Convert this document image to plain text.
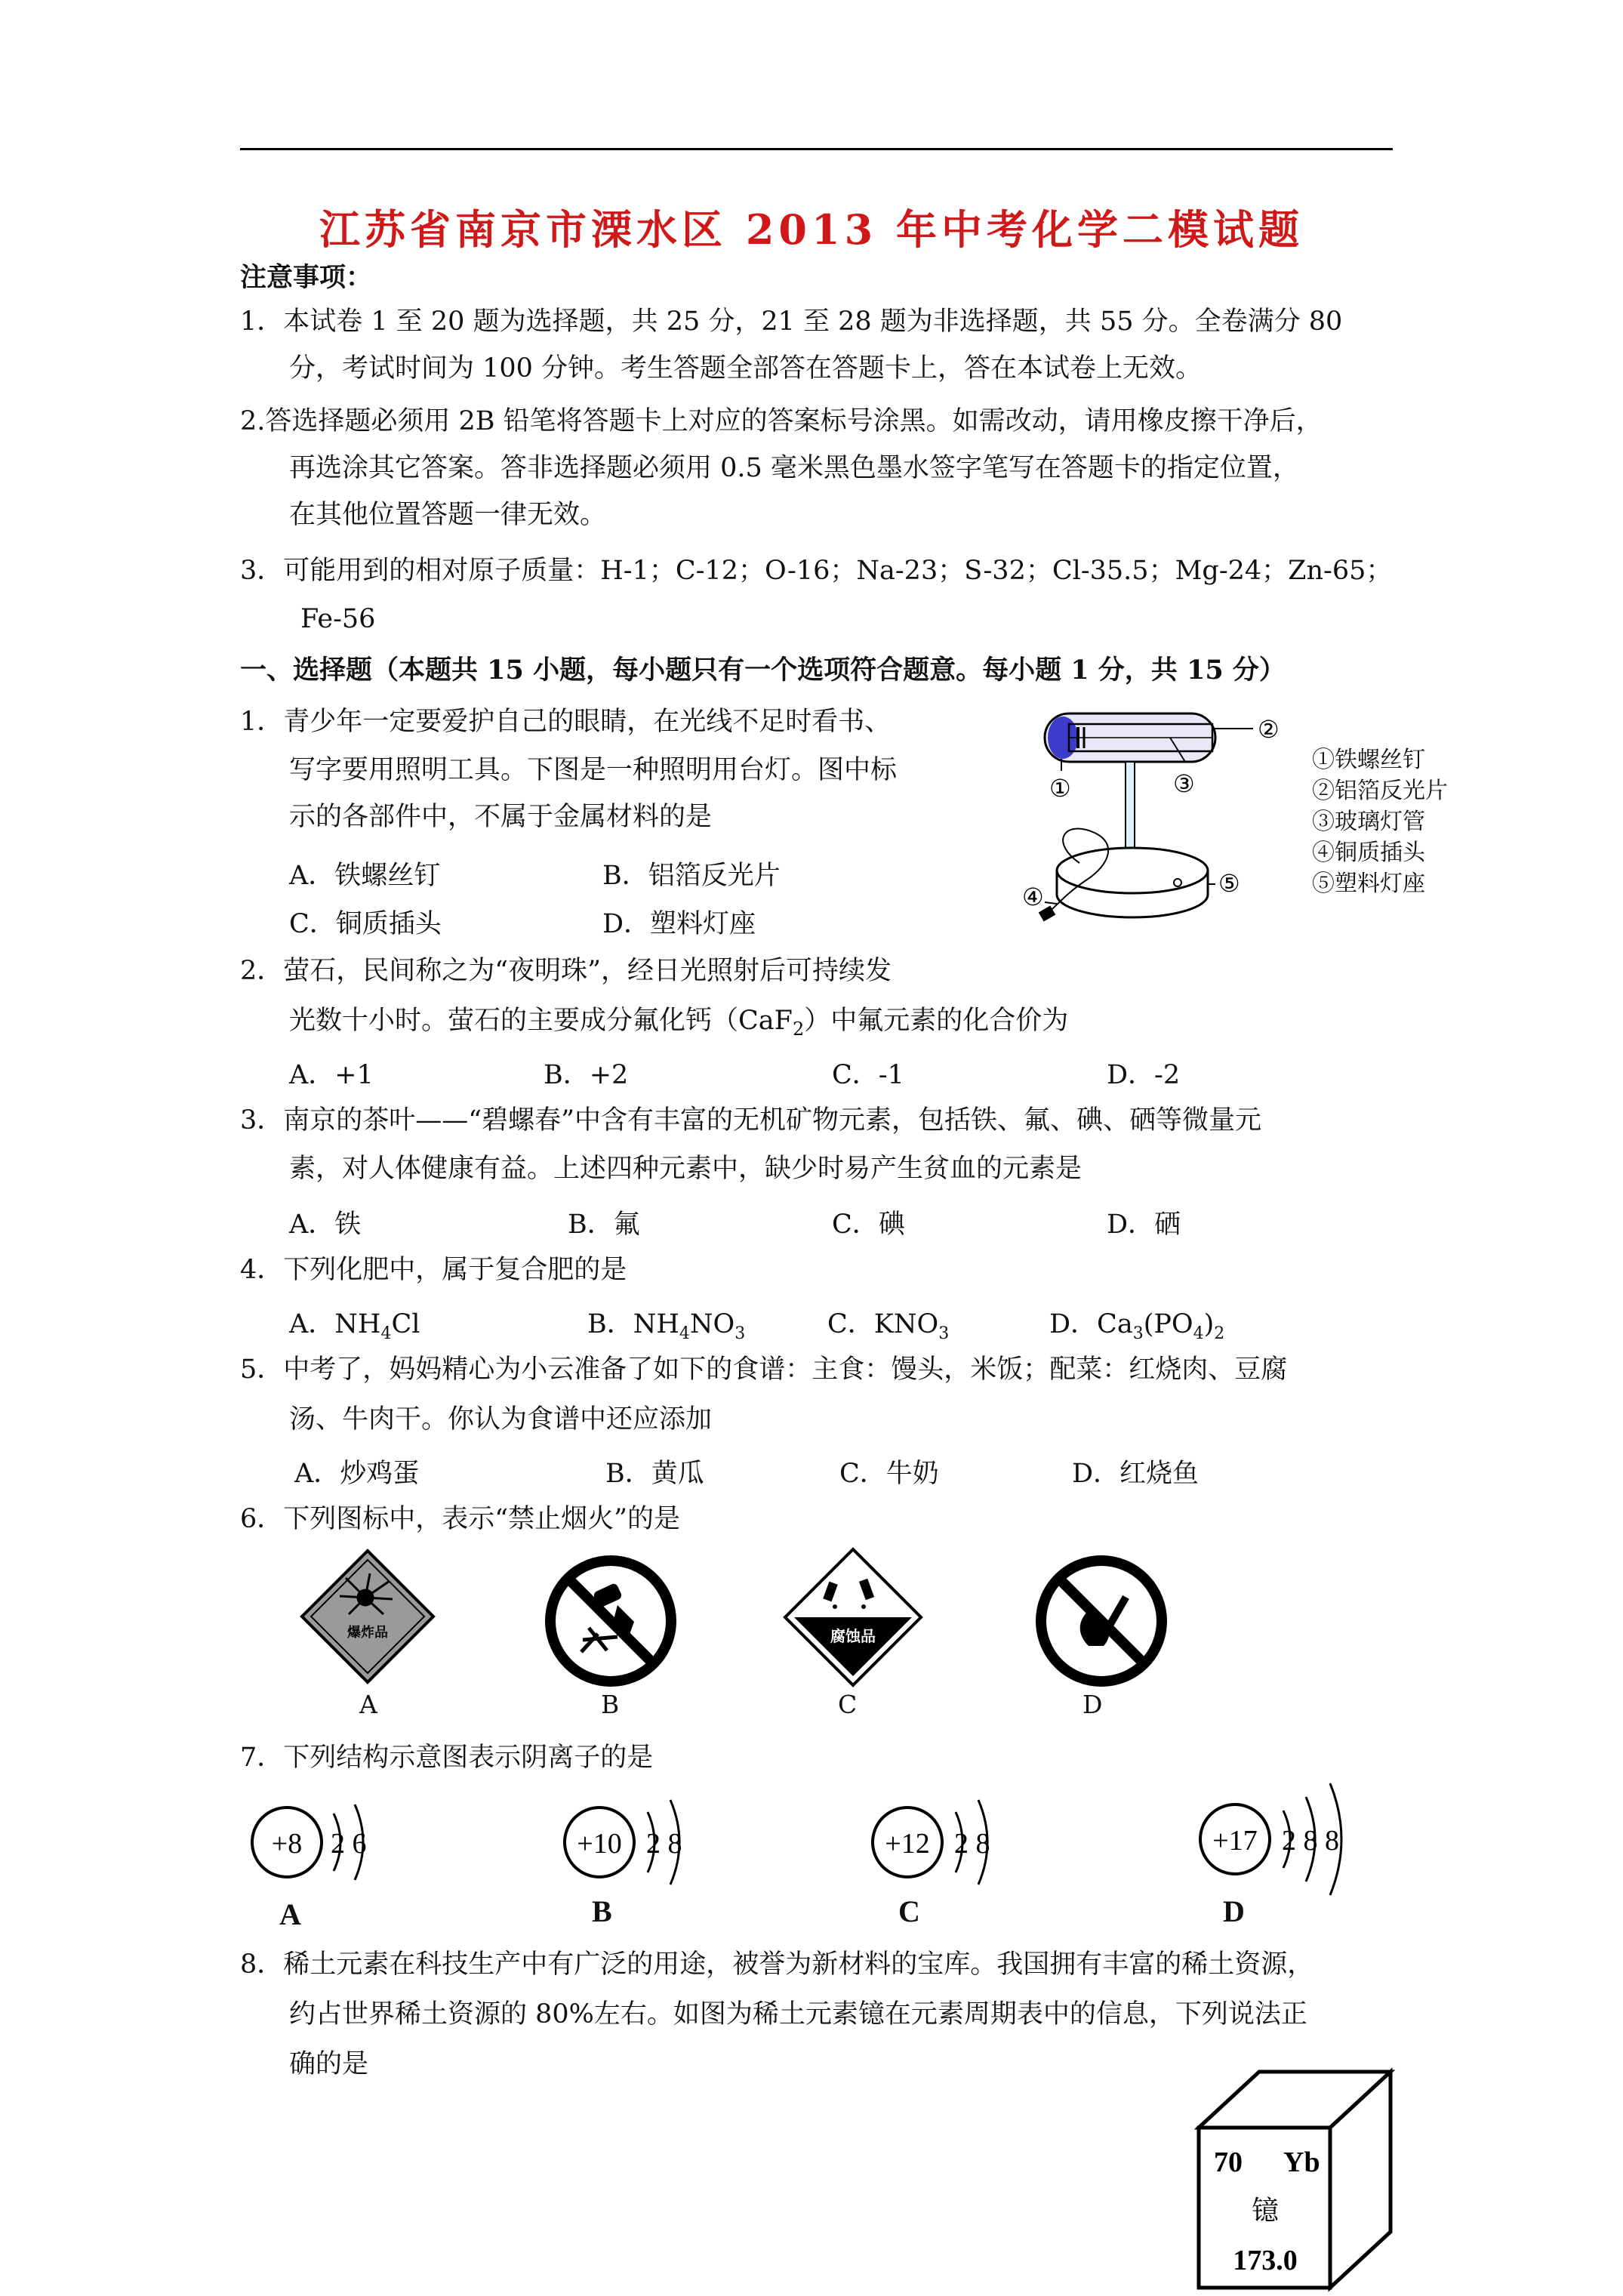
江苏省南京市溧水区 2013 年中考化学二模试题
注意事项：
1．本试卷 1 至 20 题为选择题，共 25 分，21 至 28 题为非选择题，共 55 分。全卷满分 80
分，考试时间为 100 分钟。考生答题全部答在答题卡上，答在本试卷上无效。
2.答选择题必须用 2B 铅笔将答题卡上对应的答案标号涂黑。如需改动，请用橡皮擦干净后，
再选涂其它答案。答非选择题必须用 0.5 毫米黑色墨水签字笔写在答题卡的指定位置，
在其他位置答题一律无效。
3．可能用到的相对原子质量：H-1；C-12；O-16；Na-23；S-32；Cl-35.5；Mg-24；Zn-65；
Fe-56
一、选择题（本题共 15 小题，每小题只有一个选项符合题意。每小题 1 分，共 15 分）
1．青少年一定要爱护自己的眼睛，在光线不足时看书、
写字要用照明工具。下图是一种照明用台灯。图中标
示的各部件中，不属于金属材料的是
A．铁螺丝钉	B．铝箔反光片
C．铜质插头	D．塑料灯座
②
①	③
④	⑤
①铁螺丝钉
②铝箔反光片
③玻璃灯管
④铜质插头
⑤塑料灯座
2．萤石，民间称之为“夜明珠”，经日光照射后可持续发
光数十小时。萤石的主要成分氟化钙（CaF$_2$）中氟元素的化合价为
A．+1	B．+2	C．-1	D．-2
3．南京的茶叶——“碧螺春”中含有丰富的无机矿物元素，包括铁、氟、碘、硒等微量元
素，对人体健康有益。上述四种元素中，缺少时易产生贫血的元素是
A．铁	B．氟	C．碘	D．硒
4．下列化肥中，属于复合肥的是
A．$NH_4Cl$	B．$NH_4NO_3$	C．$KNO_3$	D．$Ca_3(PO_4)_2$
5．中考了，妈妈精心为小云准备了如下的食谱：主食：馒头，米饭；配菜：红烧肉、豆腐
汤、牛肉干。你认为食谱中还应添加
A．炒鸡蛋	B．黄瓜	C．牛奶	D．红烧鱼
6．下列图标中，表示“禁止烟火”的是
爆炸品	腐蚀品
A	B	C	D
7．下列结构示意图表示阴离子的是
+8 2 6	+10 2 8	+12 2 8	+17 2 8 8
A	B	C	D
8．稀土元素在科技生产中有广泛的用途，被誉为新材料的宝库。我国拥有丰富的稀土资源，
约占世界稀土资源的 80%左右。如图为稀土元素镱在元素周期表中的信息，下列说法正
确的是
70 Yb
镱
173.0
